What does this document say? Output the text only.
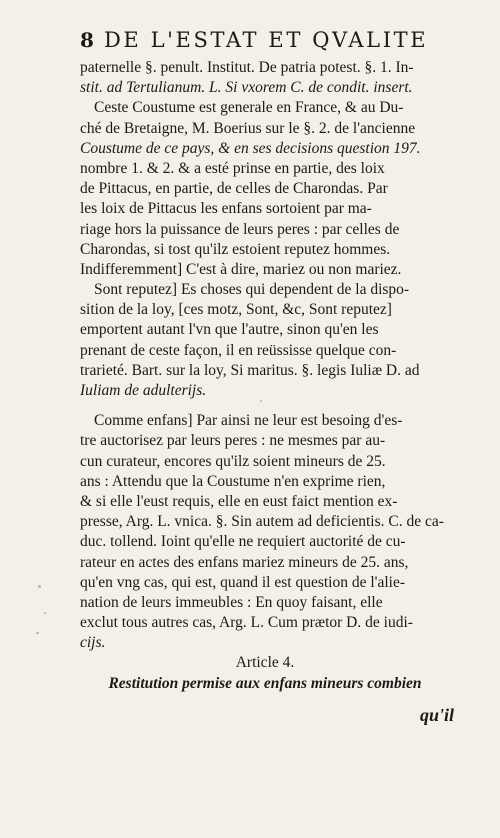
8 DE L'ESTAT ET QVALITE
paternelle §. penult. Institut. De patria potest. §. 1. In-
stit. ad Tertulianum. L. Si vxorem C. de condit. insert.
Ceste Coustume est generale en France, & au Du-
ché de Bretaigne, M. Boerius sur le §. 2. de l'ancienne
Coustume de ce pays, & en ses decisions question 197.
nombre 1. & 2. & a esté prinse en partie, des loix
de Pittacus, en partie, de celles de Charondas. Par
les loix de Pittacus les enfans sortoient par ma-
riage hors la puissance de leurs peres : par celles de
Charondas, si tost qu'ilz estoient reputez hommes.
Indifferemment] C'est à dire, mariez ou non mariez.
Sont reputez] Es choses qui dependent de la dispo-
sition de la loy, [ces motz, Sont, &c, Sont reputez]
emportent autant l'vn que l'autre, sinon qu'en les
prenant de ceste façon, il en reüssisse quelque con-
trarieté. Bart. sur la loy, Si maritus. §. legis Iuliæ D. ad
Iuliam de adulterijs.
Comme enfans] Par ainsi ne leur est besoing d'es-
tre auctorisez par leurs peres : ne mesmes par au-
cun curateur, encores qu'ilz soient mineurs de 25.
ans : Attendu que la Coustume n'en exprime rien,
& si elle l'eust requis, elle en eust faict mention ex-
presse, Arg. L. vnica. §. Sin autem ad deficientis. C. de ca-
duc. tollend. Ioint qu'elle ne requiert auctorité de cu-
rateur en actes des enfans mariez mineurs de 25. ans,
qu'en vng cas, qui est, quand il est question de l'alie-
nation de leurs immeubles : En quoy faisant, elle
exclut tous autres cas, Arg. L. Cum prætor D. de iudi-
cijs.
Article 4.
Restitution permise aux enfans mineurs combien
qu'il
